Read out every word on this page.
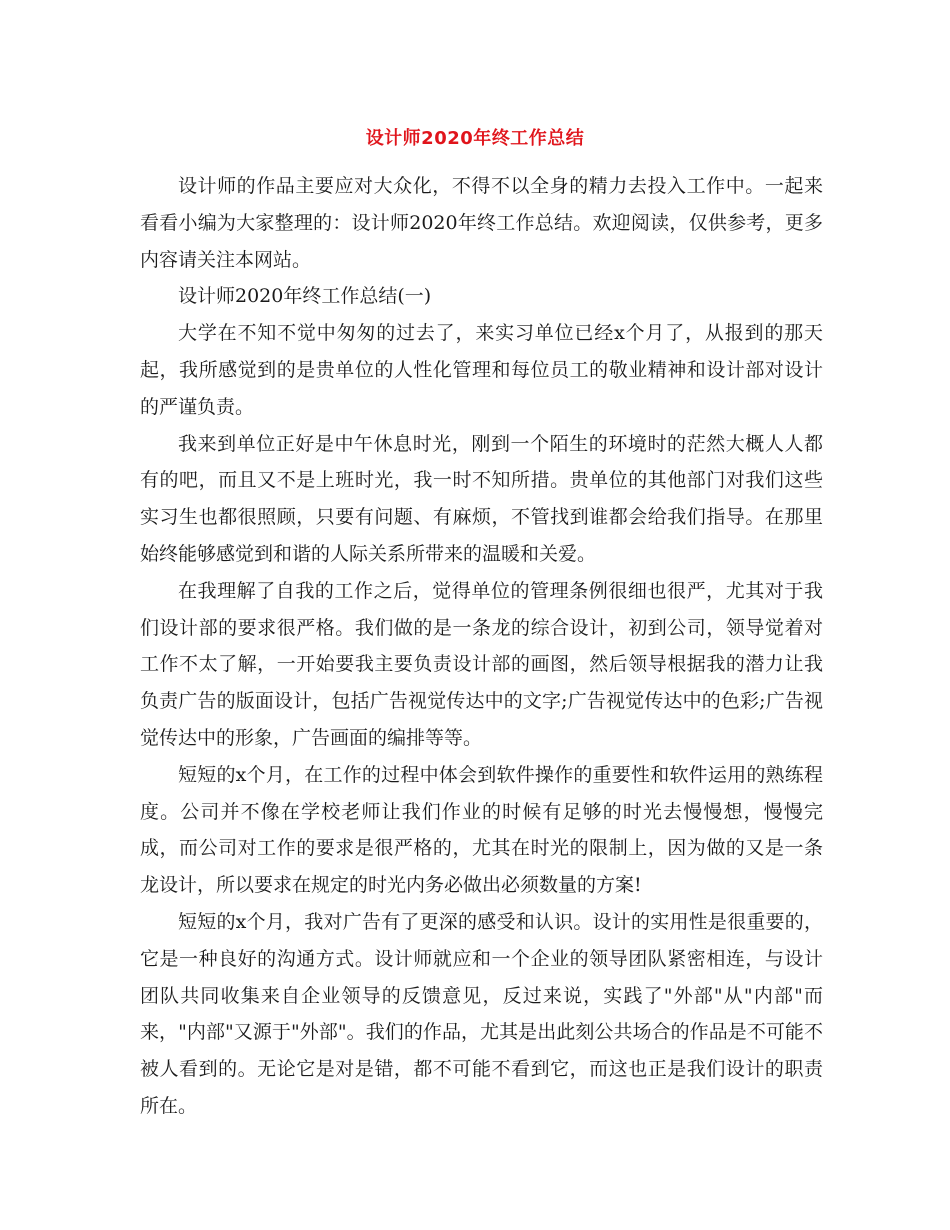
设计师2020年终工作总结

设计师的作品主要应对大众化，不得不以全身的精力去投入工作中。一起来看看小编为大家整理的：设计师2020年终工作总结。欢迎阅读，仅供参考，更多内容请关注本网站。

设计师2020年终工作总结(一)

大学在不知不觉中匆匆的过去了，来实习单位已经x个月了，从报到的那天起，我所感觉到的是贵单位的人性化管理和每位员工的敬业精神和设计部对设计的严谨负责。

我来到单位正好是中午休息时光，刚到一个陌生的环境时的茫然大概人人都有的吧，而且又不是上班时光，我一时不知所措。贵单位的其他部门对我们这些实习生也都很照顾，只要有问题、有麻烦，不管找到谁都会给我们指导。在那里始终能够感觉到和谐的人际关系所带来的温暖和关爱。

在我理解了自我的工作之后，觉得单位的管理条例很细也很严，尤其对于我们设计部的要求很严格。我们做的是一条龙的综合设计，初到公司，领导觉着对工作不太了解，一开始要我主要负责设计部的画图，然后领导根据我的潜力让我负责广告的版面设计，包括广告视觉传达中的文字;广告视觉传达中的色彩;广告视觉传达中的形象，广告画面的编排等等。

短短的x个月，在工作的过程中体会到软件操作的重要性和软件运用的熟练程度。公司并不像在学校老师让我们作业的时候有足够的时光去慢慢想，慢慢完成，而公司对工作的要求是很严格的，尤其在时光的限制上，因为做的又是一条龙设计，所以要求在规定的时光内务必做出必须数量的方案!

短短的x个月，我对广告有了更深的感受和认识。设计的实用性是很重要的，它是一种良好的沟通方式。设计师就应和一个企业的领导团队紧密相连，与设计团队共同收集来自企业领导的反馈意见，反过来说，实践了"外部"从"内部"而来，"内部"又源于"外部"。我们的作品，尤其是出此刻公共场合的作品是不可能不被人看到的。无论它是对是错，都不可能不看到它，而这也正是我们设计的职责所在。
